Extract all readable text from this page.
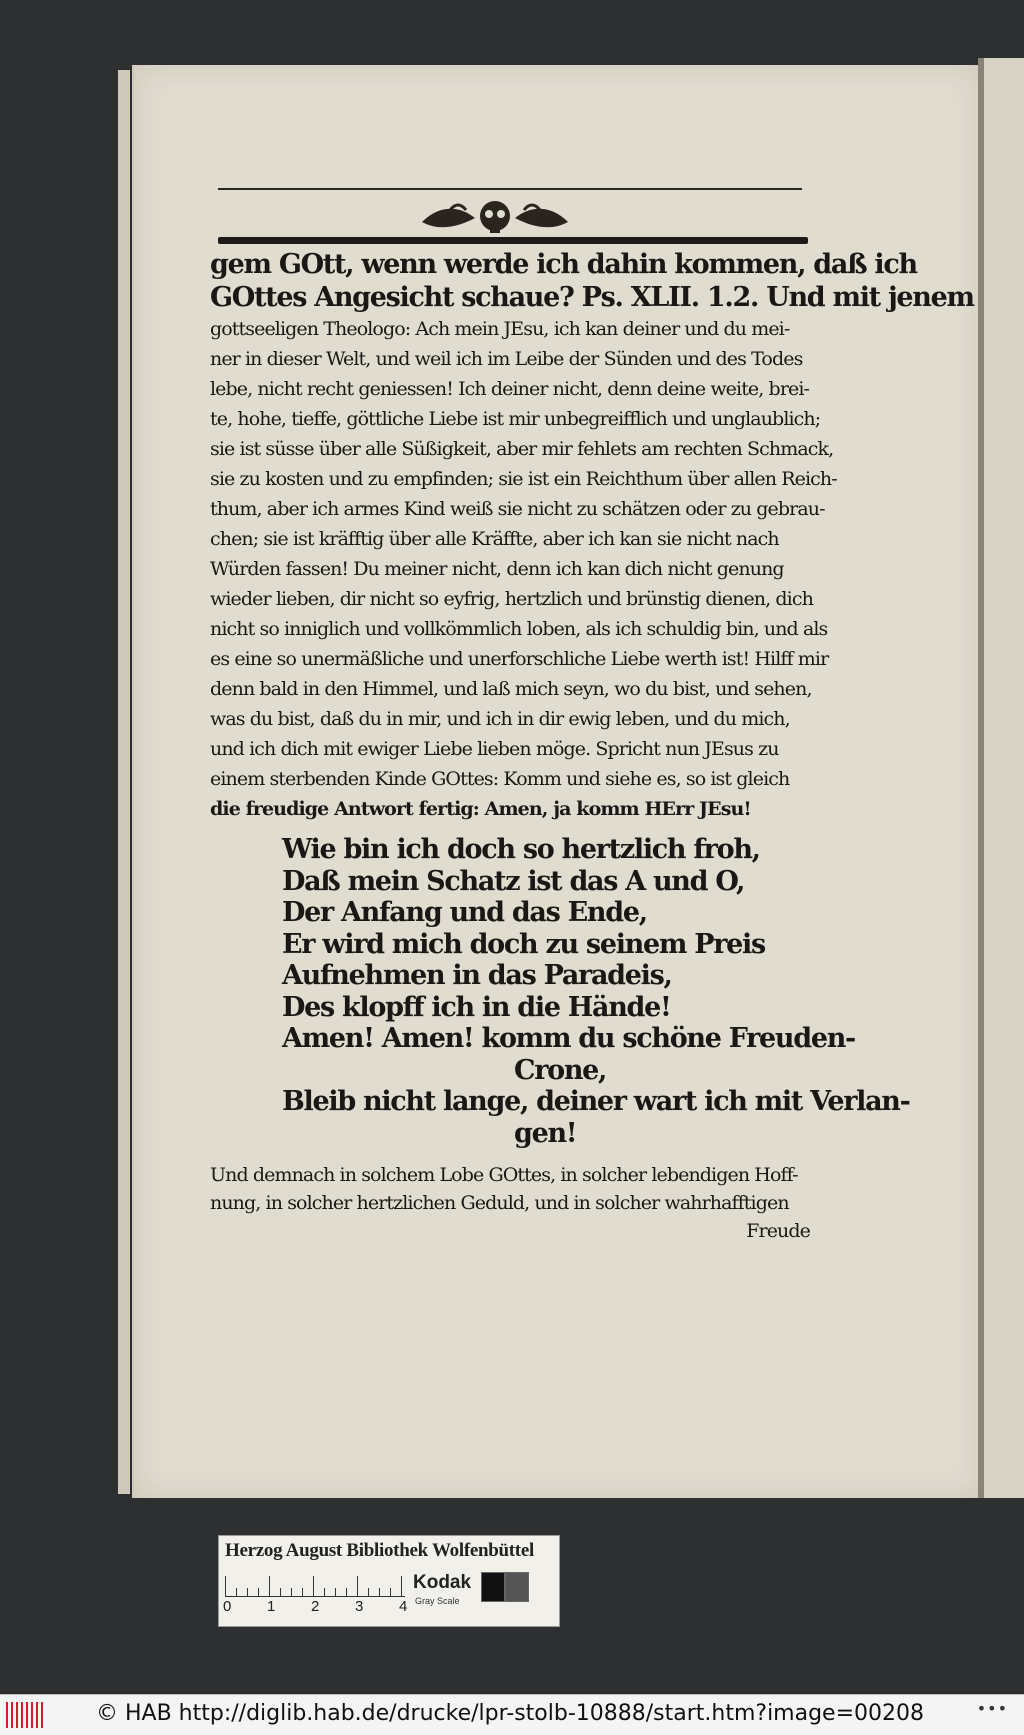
gem GOtt, wenn werde ich dahin kommen, daß ich
GOttes Angesicht schaue? Ps. XLII. 1.2. Und mit jenem
gottseeligen Theologo: Ach mein JEsu, ich kan deiner und du mei-
ner in dieser Welt, und weil ich im Leibe der Sünden und des Todes
lebe, nicht recht geniessen! Ich deiner nicht, denn deine weite, brei-
te, hohe, tieffe, göttliche Liebe ist mir unbegreifflich und unglaublich;
sie ist süsse über alle Süßigkeit, aber mir fehlets am rechten Schmack,
sie zu kosten und zu empfinden; sie ist ein Reichthum über allen Reich-
thum, aber ich armes Kind weiß sie nicht zu schätzen oder zu gebrau-
chen; sie ist kräfftig über alle Kräffte, aber ich kan sie nicht nach
Würden fassen! Du meiner nicht, denn ich kan dich nicht genung
wieder lieben, dir nicht so eyfrig, hertzlich und brünstig dienen, dich
nicht so inniglich und vollkömmlich loben, als ich schuldig bin, und als
es eine so unermäßliche und unerforschliche Liebe werth ist! Hilff mir
denn bald in den Himmel, und laß mich seyn, wo du bist, und sehen,
was du bist, daß du in mir, und ich in dir ewig leben, und du mich,
und ich dich mit ewiger Liebe lieben möge. Spricht nun JEsus zu
einem sterbenden Kinde GOttes: Komm und siehe es, so ist gleich
die freudige Antwort fertig: Amen, ja komm HErr JEsu!
Wie bin ich doch so hertzlich froh,
Daß mein Schatz ist das A und O,
Der Anfang und das Ende,
Er wird mich doch zu seinem Preis
Aufnehmen in das Paradeis,
Des klopff ich in die Hände!
Amen! Amen! komm du schöne Freuden-
Crone,
Bleib nicht lange, deiner wart ich mit Verlan-
gen!
Und demnach in solchem Lobe GOttes, in solcher lebendigen Hoff-
nung, in solcher hertzlichen Geduld, und in solcher wahrhafftigen
Freude
Herzog August Bibliothek Wolfenbüttel
0 1 2 3 4
Kodak
Gray Scale
© HAB http://diglib.hab.de/drucke/lpr-stolb-10888/start.htm?image=00208	•••
